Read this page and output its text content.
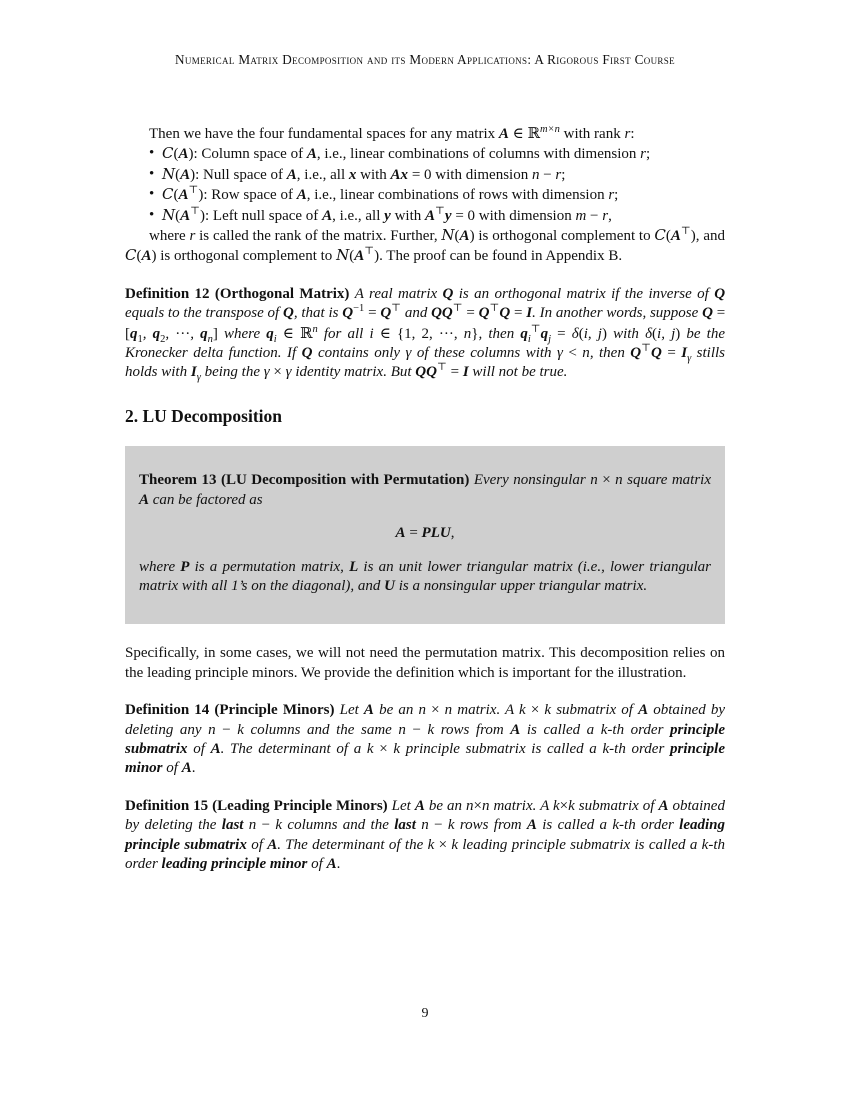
Numerical Matrix Decomposition and its Modern Applications: A Rigorous First Course

Then we have the four fundamental spaces for any matrix A ∈ ℝ$^{m\times n}$ with rank r:

• C(A): Column space of A, i.e., linear combinations of columns with dimension r;
• N(A): Null space of A, i.e., all x with Ax = 0 with dimension n − r;
• C(A⊤): Row space of A, i.e., linear combinations of rows with dimension r;
• N(A⊤): Left null space of A, i.e., all y with A⊤y = 0 with dimension m − r,

where r is called the rank of the matrix. Further, N(A) is orthogonal complement to C(A⊤), and C(A) is orthogonal complement to N(A⊤). The proof can be found in Appendix B.

Definition 12 (Orthogonal Matrix) A real matrix Q is an orthogonal matrix if the inverse of Q equals to the transpose of Q, that is $Q^{-1} = Q^⊤$ and QQ⊤ = Q⊤Q = I. In another words, suppose $Q = [q_1$, $q_2$, ···, $q_n$] where $q_i$ ∈ ℝ$^n$ for all i ∈ {1, 2, ···, n}, then $q_i^⊤q_j = \delta(i$, j) with δ(i, j) be the Kronecker delta function. If Q contains only γ of these columns with γ < n, then $Q^⊤Q = I_\gamma$ stills holds with $I_\gamma$ being the γ × γ identity matrix. But QQ⊤ = I will not be true.

2. LU Decomposition

Theorem 13 (LU Decomposition with Permutation) Every nonsingular n × n square matrix A can be factored as

A = PLU,

where P is a permutation matrix, L is an unit lower triangular matrix (i.e., lower triangular matrix with all 1’s on the diagonal), and U is a nonsingular upper triangular matrix.

Specifically, in some cases, we will not need the permutation matrix. This decomposition relies on the leading principle minors. We provide the definition which is important for the illustration.

Definition 14 (Principle Minors) Let A be an n × n matrix. A k × k submatrix of A obtained by deleting any n − k columns and the same n − k rows from A is called a k-th order principle submatrix of A. The determinant of a k × k principle submatrix is called a k-th order principle minor of A.

Definition 15 (Leading Principle Minors) Let A be an n×n matrix. A k×k submatrix of A obtained by deleting the last n − k columns and the last n − k rows from A is called a k-th order leading principle submatrix of A. The determinant of the k × k leading principle submatrix is called a k-th order leading principle minor of A.

9
